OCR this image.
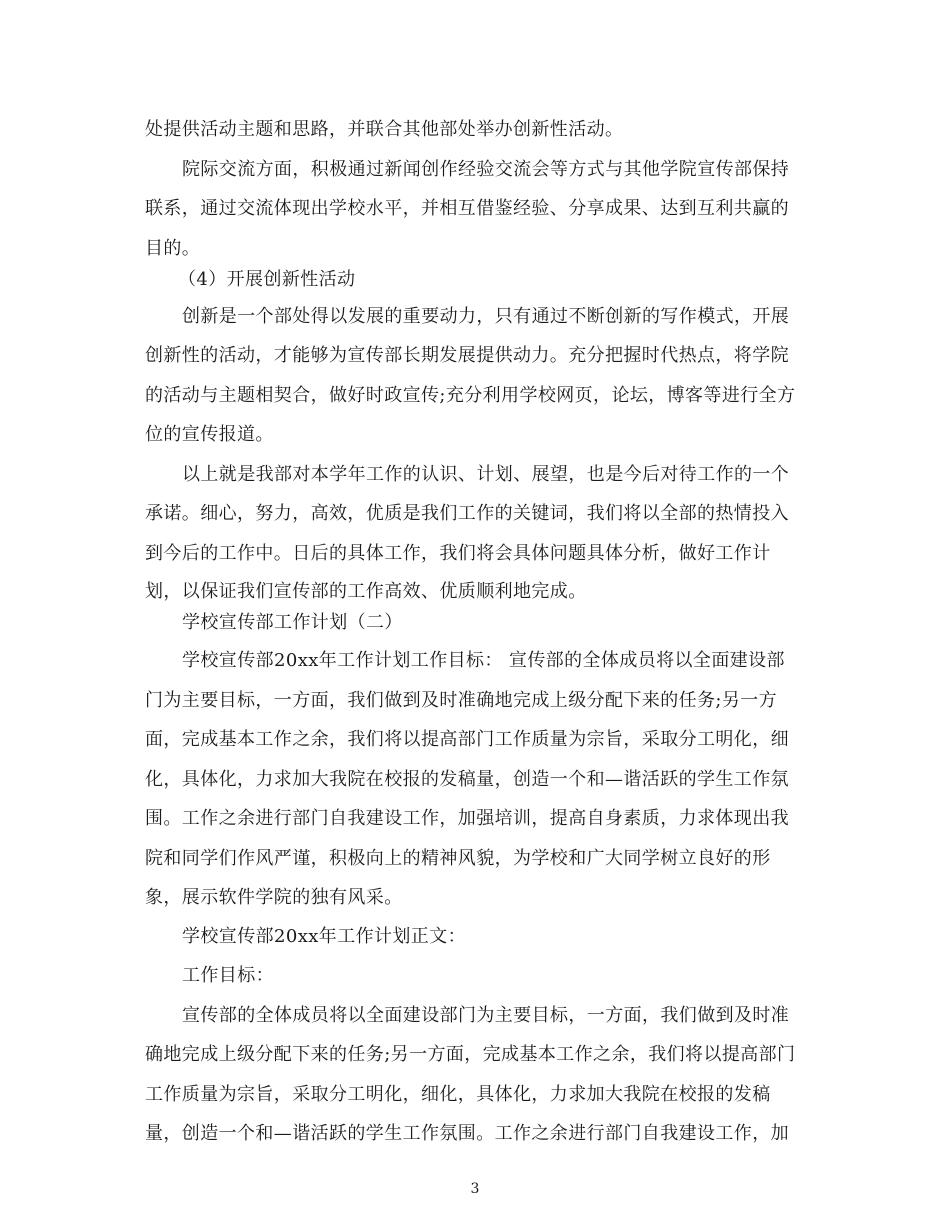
处提供活动主题和思路，并联合其他部处举办创新性活动。

院际交流方面，积极通过新闻创作经验交流会等方式与其他学院宣传部保持

联系，通过交流体现出学校水平，并相互借鉴经验、分享成果、达到互利共赢的

目的。

（4）开展创新性活动

创新是一个部处得以发展的重要动力，只有通过不断创新的写作模式，开展

创新性的活动，才能够为宣传部长期发展提供动力。充分把握时代热点，将学院

的活动与主题相契合，做好时政宣传;充分利用学校网页，论坛，博客等进行全方

位的宣传报道。

以上就是我部对本学年工作的认识、计划、展望，也是今后对待工作的一个

承诺。细心，努力，高效，优质是我们工作的关键词，我们将以全部的热情投入

到今后的工作中。日后的具体工作，我们将会具体问题具体分析，做好工作计

划，以保证我们宣传部的工作高效、优质顺利地完成。

学校宣传部工作计划（二）

学校宣传部20xx年工作计划工作目标： 宣传部的全体成员将以全面建设部

门为主要目标，一方面，我们做到及时准确地完成上级分配下来的任务;另一方

面，完成基本工作之余，我们将以提高部门工作质量为宗旨，采取分工明化，细

化，具体化，力求加大我院在校报的发稿量，创造一个和—谐活跃的学生工作氛

围。工作之余进行部门自我建设工作，加强培训，提高自身素质，力求体现出我

院和同学们作风严谨，积极向上的精神风貌，为学校和广大同学树立良好的形

象，展示软件学院的独有风采。

学校宣传部20xx年工作计划正文：

工作目标：

宣传部的全体成员将以全面建设部门为主要目标，一方面，我们做到及时准

确地完成上级分配下来的任务;另一方面，完成基本工作之余，我们将以提高部门

工作质量为宗旨，采取分工明化，细化，具体化，力求加大我院在校报的发稿

量，创造一个和—谐活跃的学生工作氛围。工作之余进行部门自我建设工作，加

3
